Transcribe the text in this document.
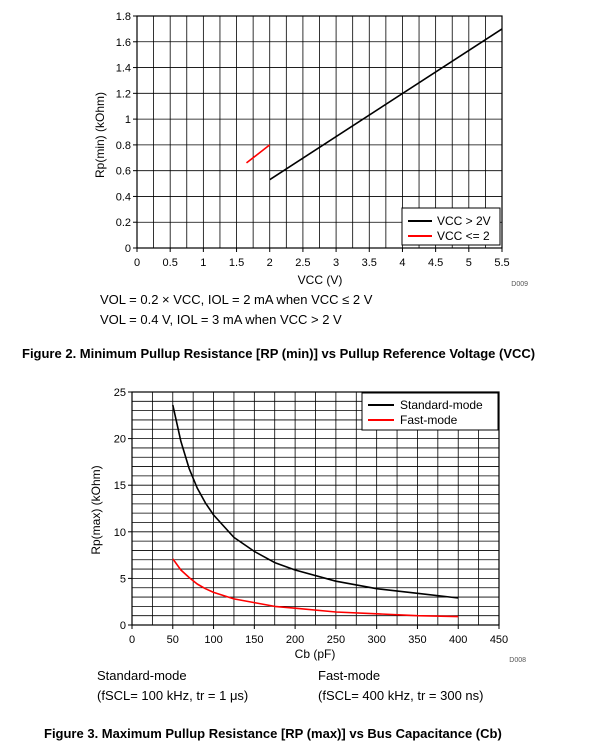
0 0.5 1 1.5 2 2.5 3 3.5 4 4.5 5 5.5
0
0.2
0.4
0.6
0.8
1
1.2
1.4
1.6
1.8
VCC > 2V
VCC <= 2
VCC (V)
Rp(min) (kOhm)
D009
0	50 100 150 200 250 300 350 400 450
0
5
10
15
20
25
Standard-mode
Fast-mode
Cb (pF)
Rp(max) (kOhm)
D008
VOL = 0.2 × VCC, IOL = 2 mA when VCC ≤ 2 V
VOL = 0.4 V, IOL = 3 mA when VCC > 2 V
Figure 2. Minimum Pullup Resistance [RP (min)] vs Pullup Reference Voltage (VCC)
Standard-mode
(fSCL= 100 kHz, tr = 1 μs)
Fast-mode
(fSCL= 400 kHz, tr = 300 ns)
Figure 3. Maximum Pullup Resistance [RP (max)] vs Bus Capacitance (Cb)
